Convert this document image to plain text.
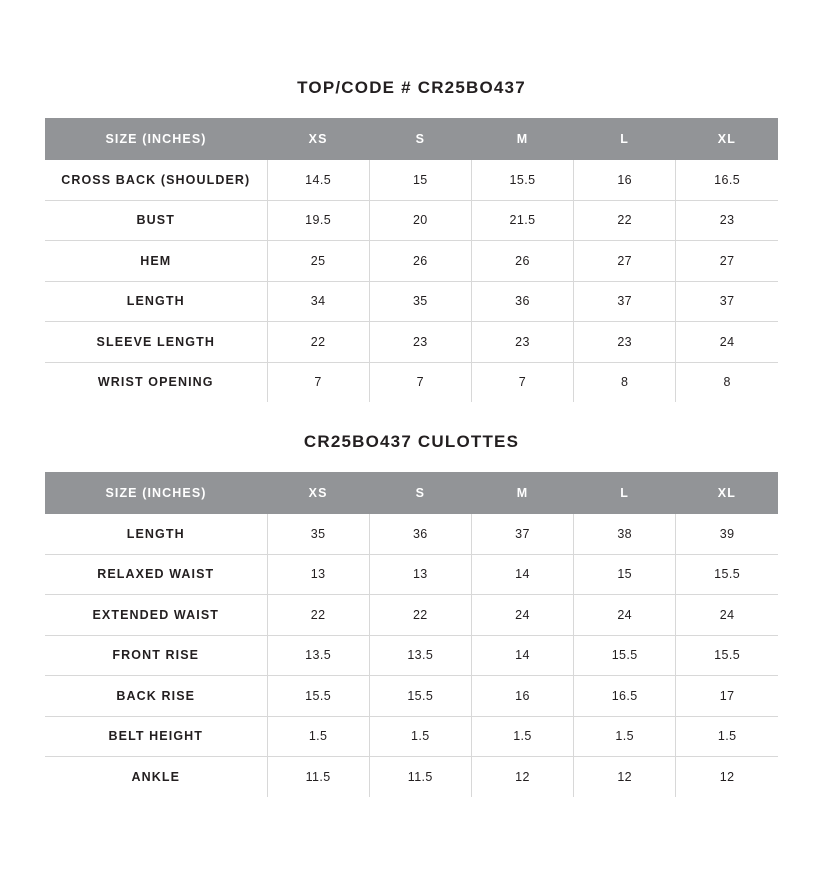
TOP/CODE # CR25BO437
SIZE (INCHES)	XS	S	M	L	XL
CROSS BACK (SHOULDER)	14.5	15	15.5	16	16.5
BUST	19.5	20	21.5	22	23
HEM	25	26	26	27	27
LENGTH	34	35	36	37	37
SLEEVE LENGTH	22	23	23	23	24
WRIST OPENING	7	7	7	8	8
CR25BO437 CULOTTES
SIZE (INCHES)	XS	S	M	L	XL
LENGTH	35	36	37	38	39
RELAXED WAIST	13	13	14	15	15.5
EXTENDED WAIST	22	22	24	24	24
FRONT RISE	13.5	13.5	14	15.5	15.5
BACK RISE	15.5	15.5	16	16.5	17
BELT HEIGHT	1.5	1.5	1.5	1.5	1.5
ANKLE	11.5	11.5	12	12	12
